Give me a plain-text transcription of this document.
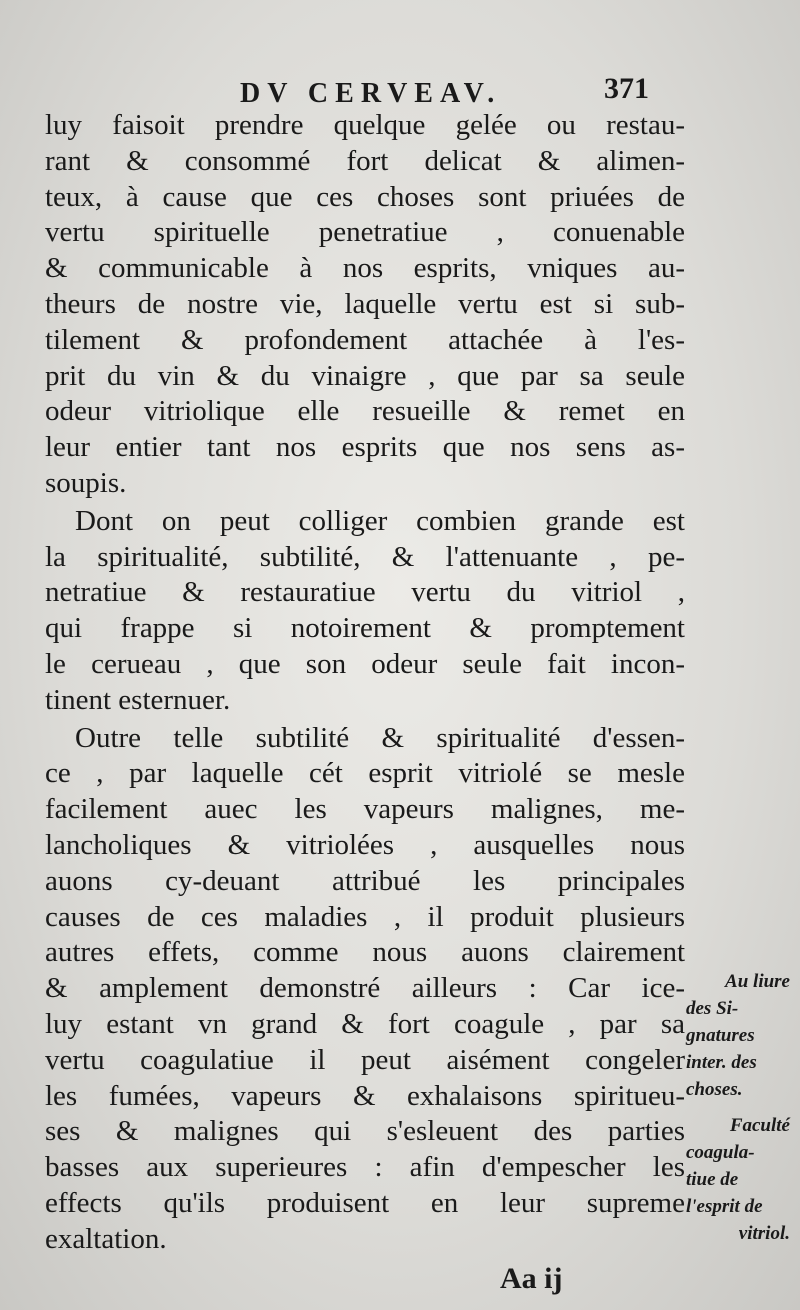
DV CERVEAV.	371
luy faisoit prendre quelque gelée ou restau-
rant & consommé fort delicat & alimen-
teux, à cause que ces choses sont priuées de
vertu spirituelle penetratiue , conuenable
& communicable à nos esprits, vniques au-
theurs de nostre vie, laquelle vertu est si sub-
tilement & profondement attachée à l'es-
prit du vin & du vinaigre , que par sa seule
odeur vitriolique elle resueille & remet en
leur entier tant nos esprits que nos sens as-
soupis.
Dont on peut colliger combien grande est
la spiritualité, subtilité, & l'attenuante , pe-
netratiue & restauratiue vertu du vitriol ,
qui frappe si notoirement & promptement
le cerueau , que son odeur seule fait incon-
tinent esternuer.
Outre telle subtilité & spiritualité d'essen-
ce , par laquelle cét esprit vitriolé se mesle
facilement auec les vapeurs malignes, me-
lancholiques & vitriolées , ausquelles nous
auons cy-deuant attribué les principales
causes de ces maladies , il produit plusieurs
autres effets, comme nous auons clairement
& amplement demonstré ailleurs : Car ice-
luy estant vn grand & fort coagule , par sa
vertu coagulatiue il peut aisément congeler
les fumées, vapeurs & exhalaisons spiritueu-
ses & malignes qui s'esleuent des parties
basses aux superieures : afin d'empescher les
effects qu'ils produisent en leur supreme
exaltation.
Au liure
des Si-
gnatures
inter. des
choses.
Faculté
coagula-
tiue de
l'esprit de
vitriol.
Aa ij
